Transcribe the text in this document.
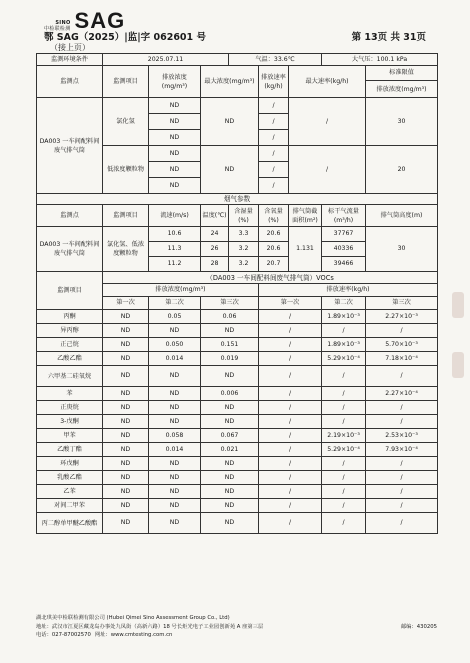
SINO
中检联检测 SAG
鄂 SAG（2025）|监|字 062601 号	第 13页 共 31页
（接上页）
监测环境条件	2025.07.11			气温：33.6℃			大气压：100.1 kPa	
监测点	监测项目	排放浓度(mg/m³)	最大浓度(mg/m³)		排放速率(kg/h)	最大速率(kg/h)		标准限值
								排放浓度(mg/m³)
DA003 一车间配料间废气排气筒	氯化氢	ND	ND		/	/		30
		ND			/			
		ND			/			
	低浓度颗粒物	ND	ND		/	/		20
		ND			/			
		ND			/			
烟气参数								
监测点	监测项目	流速(m/s)	温度(℃)	含湿量(%)	含氧量(%)	排气筒截面积(m²)	标干气流量(m³/h)	排气筒高度(m)
DA003 一车间配料间废气排气筒	氯化氢、低浓度颗粒物	10.6	24	3.3	20.6	1.131	37767	30
		11.3	26	3.2	20.6		40336	
		11.2	28	3.2	20.7		39466	
监测项目	（DA003 一车间配料间废气排气筒）VOCs							
	排放浓度(mg/m³)				排放速率(kg/h)			
	第一次	第二次	第三次		第一次		第二次	第三次
丙酮	ND	0.05	0.06		/		1.89×10⁻³	2.27×10⁻³
异丙醇	ND	ND	ND		/		/	/
正己烷	ND	0.050	0.151		/		1.89×10⁻³	5.70×10⁻³
乙酸乙酯	ND	0.014	0.019		/		5.29×10⁻⁴	7.18×10⁻⁴
六甲基二硅氧烷	ND	ND	ND		/		/	/
苯	ND	ND	0.006		/		/	2.27×10⁻⁴
正庚烷	ND	ND	ND		/		/	/
3-戊酮	ND	ND	ND		/		/	/
甲苯	ND	0.058	0.067		/		2.19×10⁻³	2.53×10⁻³
乙酸丁酯	ND	0.014	0.021		/		5.29×10⁻⁴	7.93×10⁻⁴
环戊酮	ND	ND	ND		/		/	/
乳酸乙酯	ND	ND	ND		/		/	/
乙苯	ND	ND	ND		/		/	/
对间二甲苯	ND	ND	ND		/		/	/
丙二醇单甲醚乙酸酯	ND	ND	ND		/		/	/
湖北琪美中检联检测有限公司 (Hubei Qimei Sino Assessment Group Co., Ltd)
地址：武汉市江夏区藏龙岛办事处九凤街（高新六路）18 号长炬光电子工业园创新苑 A 座第三层	邮编：430205
电话：027-87002570 网址：www.cmtesting.com.cn
